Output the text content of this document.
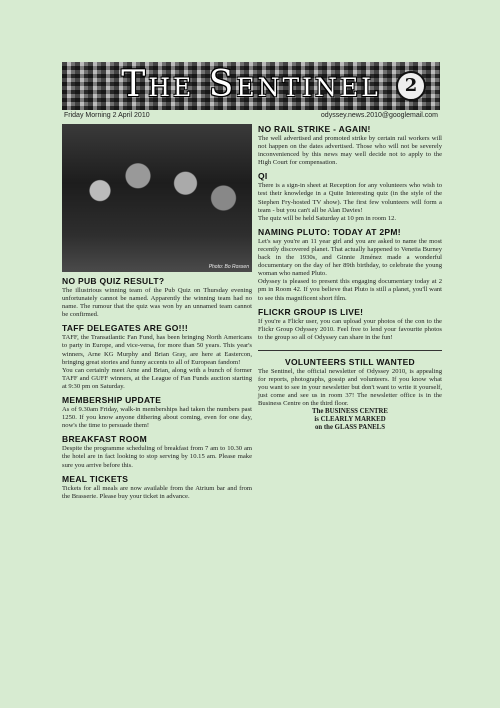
The Sentinel	2
Friday Morning 2 April 2010	odyssey.news.2010@googlemail.com
Photo: Bo Rossen
NO PUB QUIZ RESULT?

The illustrious winning team of the Pub Quiz on Thursday evening unfortunately cannot be named. Apparently the winning team had no name. The rumour that the quiz was won by an unnamed team cannot be confirmed.

TAFF DELEGATES ARE GO!!!

TAFF, the Transatlantic Fan Fund, has been bringing North Americans to party in Europe, and vice-versa, for more than 50 years. This year's winners, Arne KG Murphy and Brian Gray, are here at Eastercon, bringing great stories and funny accents to all of European fandom!

You can certainly meet Arne and Brian, along with a bunch of former TAFF and GUFF winners, at the League of Fan Funds auction starting at 9:30 pm on Saturday.

MEMBERSHIP UPDATE

As of 9.30am Friday, walk-in memberships had taken the numbers past 1250. If you know anyone dithering about coming, even for one day, now's the time to persuade them!

BREAKFAST ROOM

Despite the programme scheduling of breakfast from 7 am to 10.30 am the hotel are in fact looking to stop serving by 10.15 am. Please make sure you arrive before this.

MEAL TICKETS

Tickets for all meals are now available from the Atrium bar and from the Brasserie. Please buy your ticket in advance.

NO RAIL STRIKE - AGAIN!

The well advertised and promoted strike by certain rail workers will not happen on the dates advertised. Those who will not be severely inconvenienced by this news may well decide not to apply to the High Court for compensation.

QI

There is a sign-in sheet at Reception for any volunteers who wish to test their knowledge in a Quite Interesting quiz (in the style of the Stephen Fry-hosted TV show). The first few volunteers will form a team - but you can't all be Alan Davies!

The quiz will be held Saturday at 10 pm in room 12.

NAMING PLUTO: TODAY AT 2PM!

Let's say you're an 11 year girl and you are asked to name the most recently discovered planet. That actually happened to Venetia Burney back in the 1930s, and Ginnie Jiménez made a wonderful documentary on the day of her 89th birthday, to celebrate the young woman who named Pluto.

Odyssey is pleased to present this engaging documentary today at 2 pm in Room 42. If you believe that Pluto is still a planet, you'll want to see this magnificent short film.

FLICKR GROUP IS LIVE!

If you're a Flickr user, you can upload your photos of the con to the Flickr Group Odyssey 2010. Feel free to lend your favourite photos to the group so all of Odyssey can share in the fun!

VOLUNTEERS STILL WANTED

The Sentinel, the official newsletter of Odyssey 2010, is appealing for reports, photographs, gossip and volunteers. If you know what you want to see in your newsletter but don't want to write it yourself, just come and see us in room 37! The newsletter office is in the Business Centre on the third floor.

The BUSINESS CENTRE
is CLEARLY MARKED
on the GLASS PANELS
